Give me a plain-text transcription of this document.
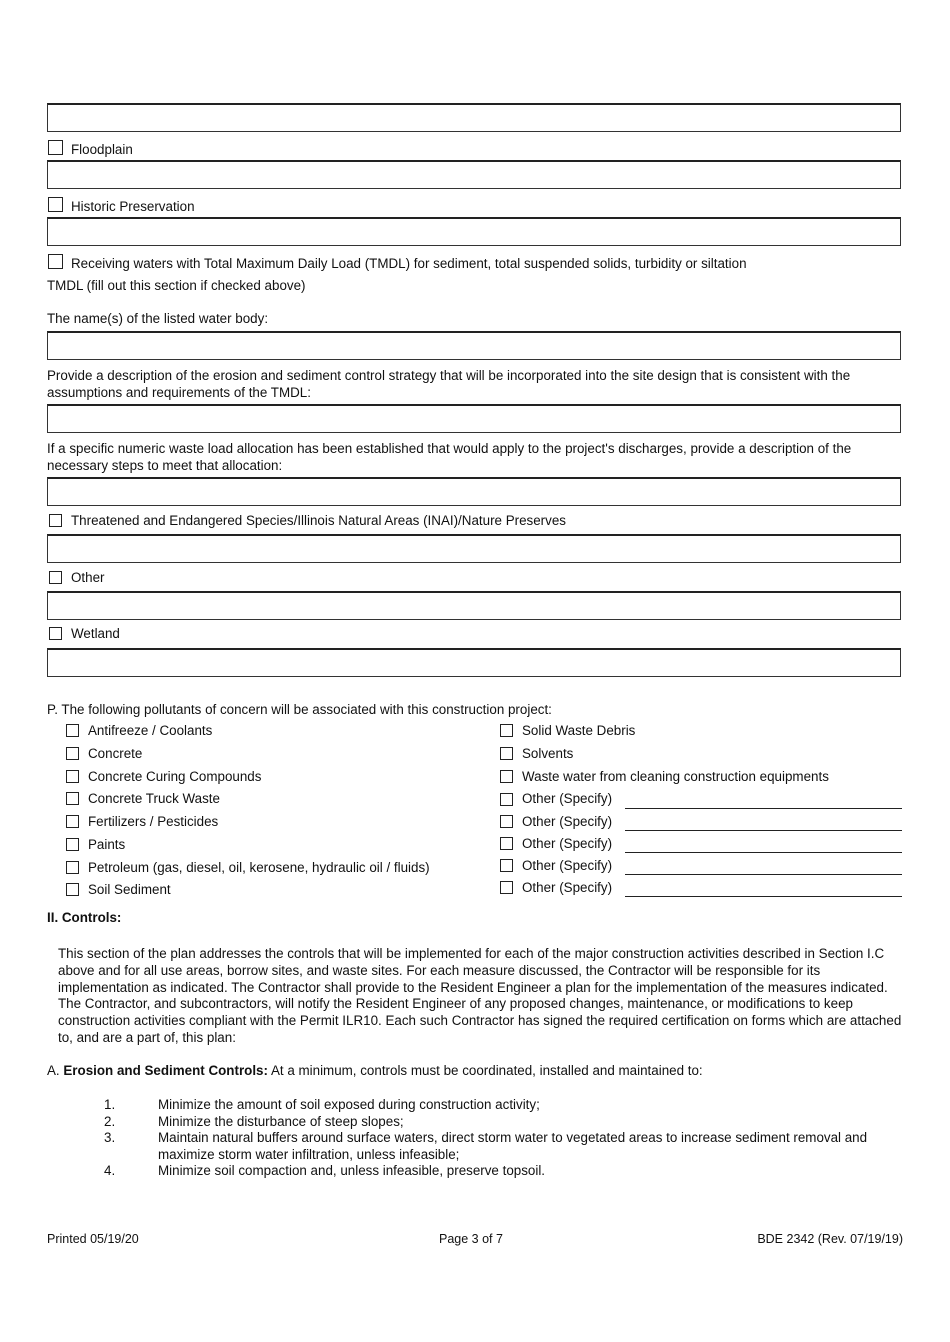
Floodplain
Historic Preservation
Receiving waters with Total Maximum Daily Load (TMDL) for sediment, total suspended solids, turbidity or siltation
TMDL (fill out this section if checked above)
The name(s) of the listed water body:
Provide a description of the erosion and sediment control strategy that will be incorporated into the site design that is consistent with the assumptions and requirements of the TMDL:
If a specific numeric waste load allocation has been established that would apply to the project's discharges, provide a description of the necessary steps to meet that allocation:
Threatened and Endangered Species/Illinois Natural Areas (INAI)/Nature Preserves
Other
Wetland
P. The following pollutants of concern will be associated with this construction project:
Antifreeze / Coolants
Concrete
Concrete Curing Compounds
Concrete Truck Waste
Fertilizers / Pesticides
Paints
Petroleum (gas, diesel, oil, kerosene, hydraulic oil / fluids)
Soil Sediment
Solid Waste Debris
Solvents
Waste water from cleaning construction equipments
Other (Specify)
Other (Specify)
Other (Specify)
Other (Specify)
Other (Specify)
II. Controls:
This section of the plan addresses the controls that will be implemented for each of the major construction activities described in Section I.C above and for all use areas, borrow sites, and waste sites. For each measure discussed, the Contractor will be responsible for its implementation as indicated. The Contractor shall provide to the Resident Engineer a plan for the implementation of the measures indicated. The Contractor, and subcontractors, will notify the Resident Engineer of any proposed changes, maintenance, or modifications to keep construction activities compliant with the Permit ILR10. Each such Contractor has signed the required certification on forms which are attached to, and are a part of, this plan:
A. Erosion and Sediment Controls: At a minimum, controls must be coordinated, installed and maintained to:
1.	Minimize the amount of soil exposed during construction activity;
2.	Minimize the disturbance of steep slopes;
3.	Maintain natural buffers around surface waters, direct storm water to vegetated areas to increase sediment removal and maximize storm water infiltration, unless infeasible;
4.	Minimize soil compaction and, unless infeasible, preserve topsoil.
Printed 05/19/20	Page 3 of 7	BDE 2342 (Rev. 07/19/19)
